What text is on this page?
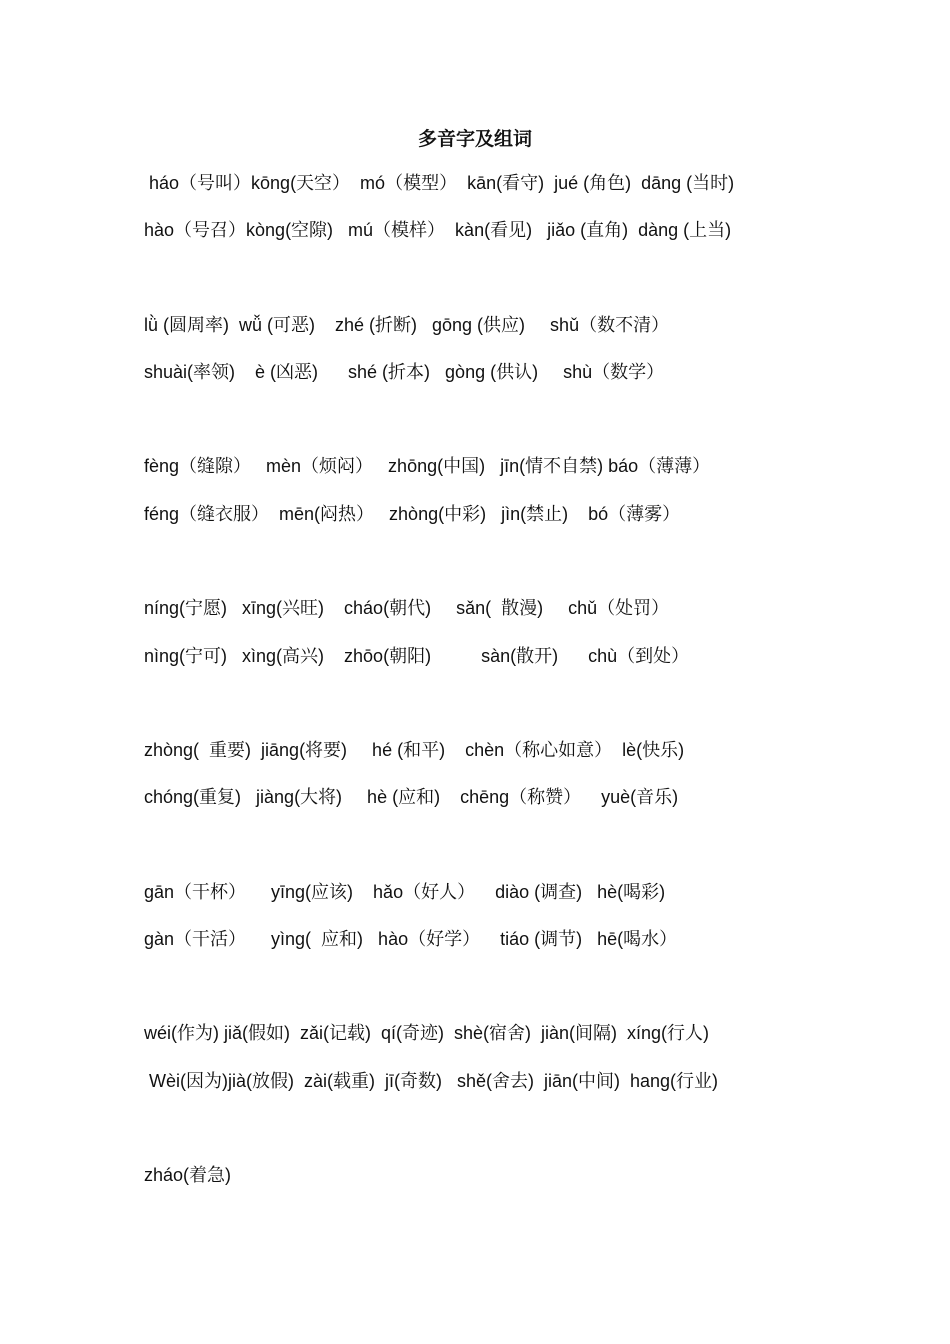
多音字及组词
háo（号叫）kōng(天空）  mó（模型）  kān(看守)  jué (角色)  dāng (当时)
hào（号召）kòng(空隙)   mú（模样）  kàn(看见)   jiǎo (直角)  dàng (上当)
lǜ (圆周率)  wǚ (可恶)    zhé (折断)   gōng (供应)     shǔ（数不清）
shuài(率领)    è (凶恶)      shé (折本)   gòng (供认)     shù（数学）
fèng（缝隙）   mèn（烦闷）   zhōng(中国)   jīn(情不自禁) báo（薄薄）
féng（缝衣服）  mēn(闷热）   zhòng(中彩)   jìn(禁止)    bó（薄雾）
níng(宁愿)   xīng(兴旺)    cháo(朝代)     sǎn(  散漫)     chǔ（处罚）
nìng(宁可)   xìng(高兴)    zhōo(朝阳)          sàn(散开)      chù（到处）
zhòng(  重要)  jiāng(将要)     hé (和平)    chèn（称心如意）  lè(快乐)
chóng(重复)   jiàng(大将)     hè (应和)    chēng（称赞）    yuè(音乐)
gān（干杯）     yīng(应该)    hǎo（好人）    diào (调查)   hè(喝彩)
gàn（干活）     yìng(  应和)   hào（好学）    tiáo (调节)   hē(喝水）
wéi(作为) jiǎ(假如)  zǎi(记载)  qí(奇迹)  shè(宿舍)  jiàn(间隔)  xíng(行人)
Wèi(因为)jià(放假)  zài(载重)  jī(奇数)   shě(舍去)  jiān(中间)  hang(行业)
zháo(着急)
